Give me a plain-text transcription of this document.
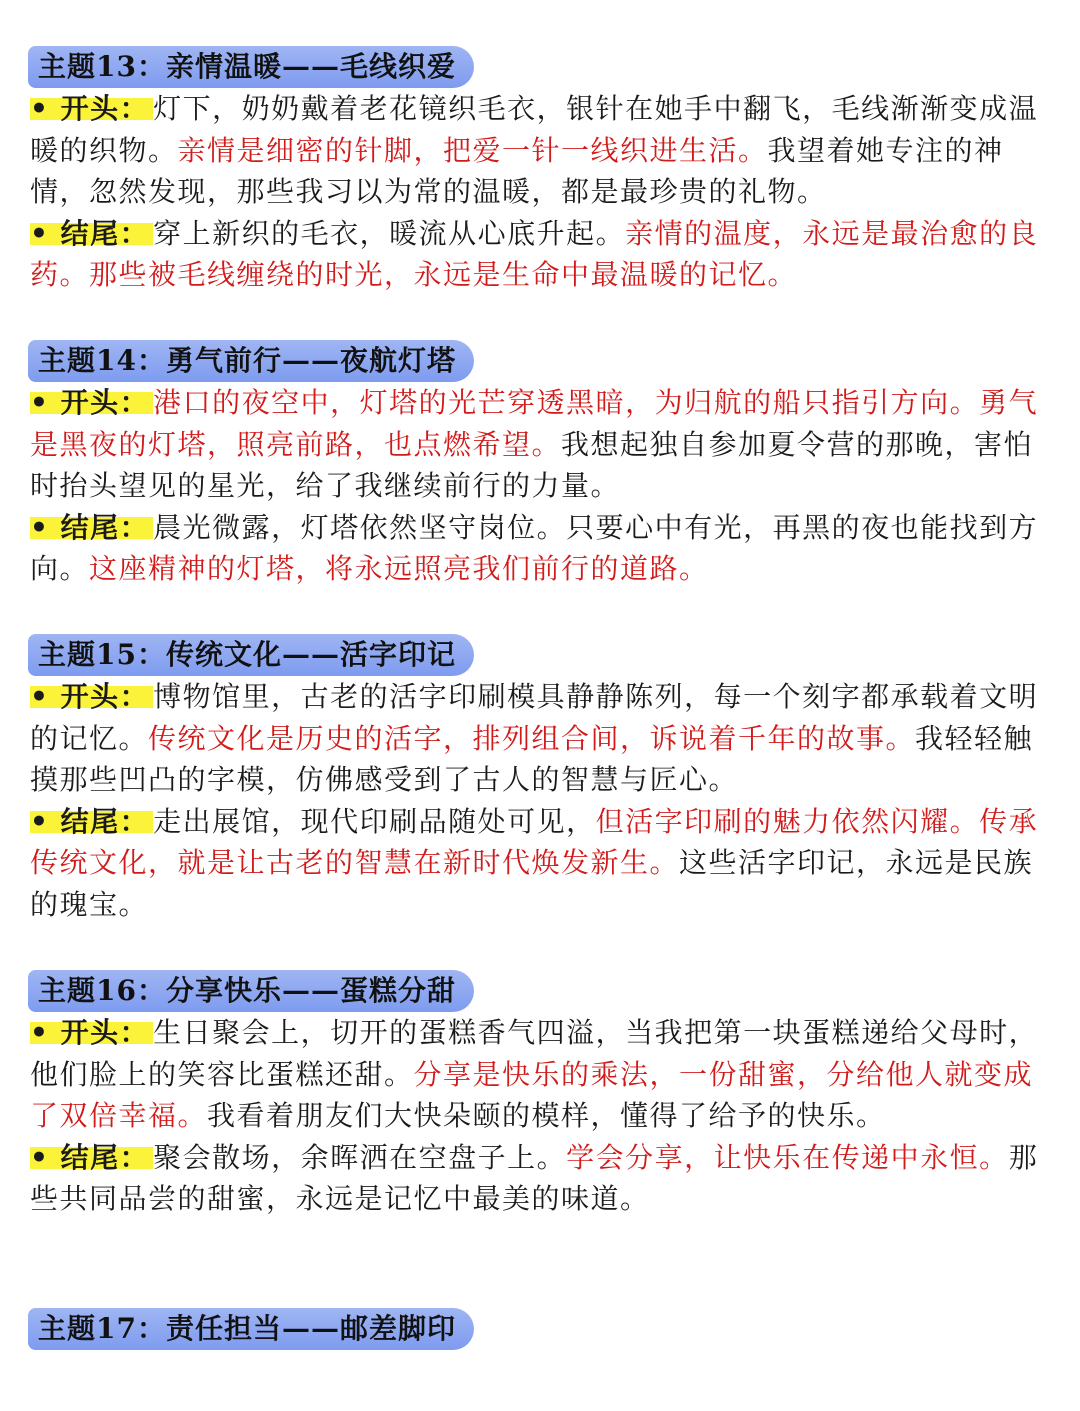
主题13：亲情温暖——毛线织爱

• 开头： 灯下，奶奶戴着老花镜织毛衣，银针在她手中翻飞，毛线渐渐变成温暖的织物。亲情是细密的针脚，把爱一针一线织进生活。我望着她专注的神情，忽然发现，那些我习以为常的温暖，都是最珍贵的礼物。

• 结尾： 穿上新织的毛衣，暖流从心底升起。亲情的温度，永远是最治愈的良药。那些被毛线缠绕的时光，永远是生命中最温暖的记忆。

主题14：勇气前行——夜航灯塔

• 开头： 港口的夜空中，灯塔的光芒穿透黑暗，为归航的船只指引方向。勇气是黑夜的灯塔，照亮前路，也点燃希望。我想起独自参加夏令营的那晚，害怕时抬头望见的星光，给了我继续前行的力量。

• 结尾： 晨光微露，灯塔依然坚守岗位。只要心中有光，再黑的夜也能找到方向。这座精神的灯塔，将永远照亮我们前行的道路。

主题15：传统文化——活字印记

• 开头： 博物馆里，古老的活字印刷模具静静陈列，每一个刻字都承载着文明的记忆。传统文化是历史的活字，排列组合间，诉说着千年的故事。我轻轻触摸那些凹凸的字模，仿佛感受到了古人的智慧与匠心。

• 结尾： 走出展馆，现代印刷品随处可见，但活字印刷的魅力依然闪耀。传承传统文化，就是让古老的智慧在新时代焕发新生。这些活字印记，永远是民族的瑰宝。

主题16：分享快乐——蛋糕分甜

• 开头： 生日聚会上，切开的蛋糕香气四溢，当我把第一块蛋糕递给父母时，他们脸上的笑容比蛋糕还甜。分享是快乐的乘法，一份甜蜜，分给他人就变成了双倍幸福。我看着朋友们大快朵颐的模样，懂得了给予的快乐。

• 结尾： 聚会散场，余晖洒在空盘子上。学会分享，让快乐在传递中永恒。那些共同品尝的甜蜜，永远是记忆中最美的味道。

主题17：责任担当——邮差脚印
